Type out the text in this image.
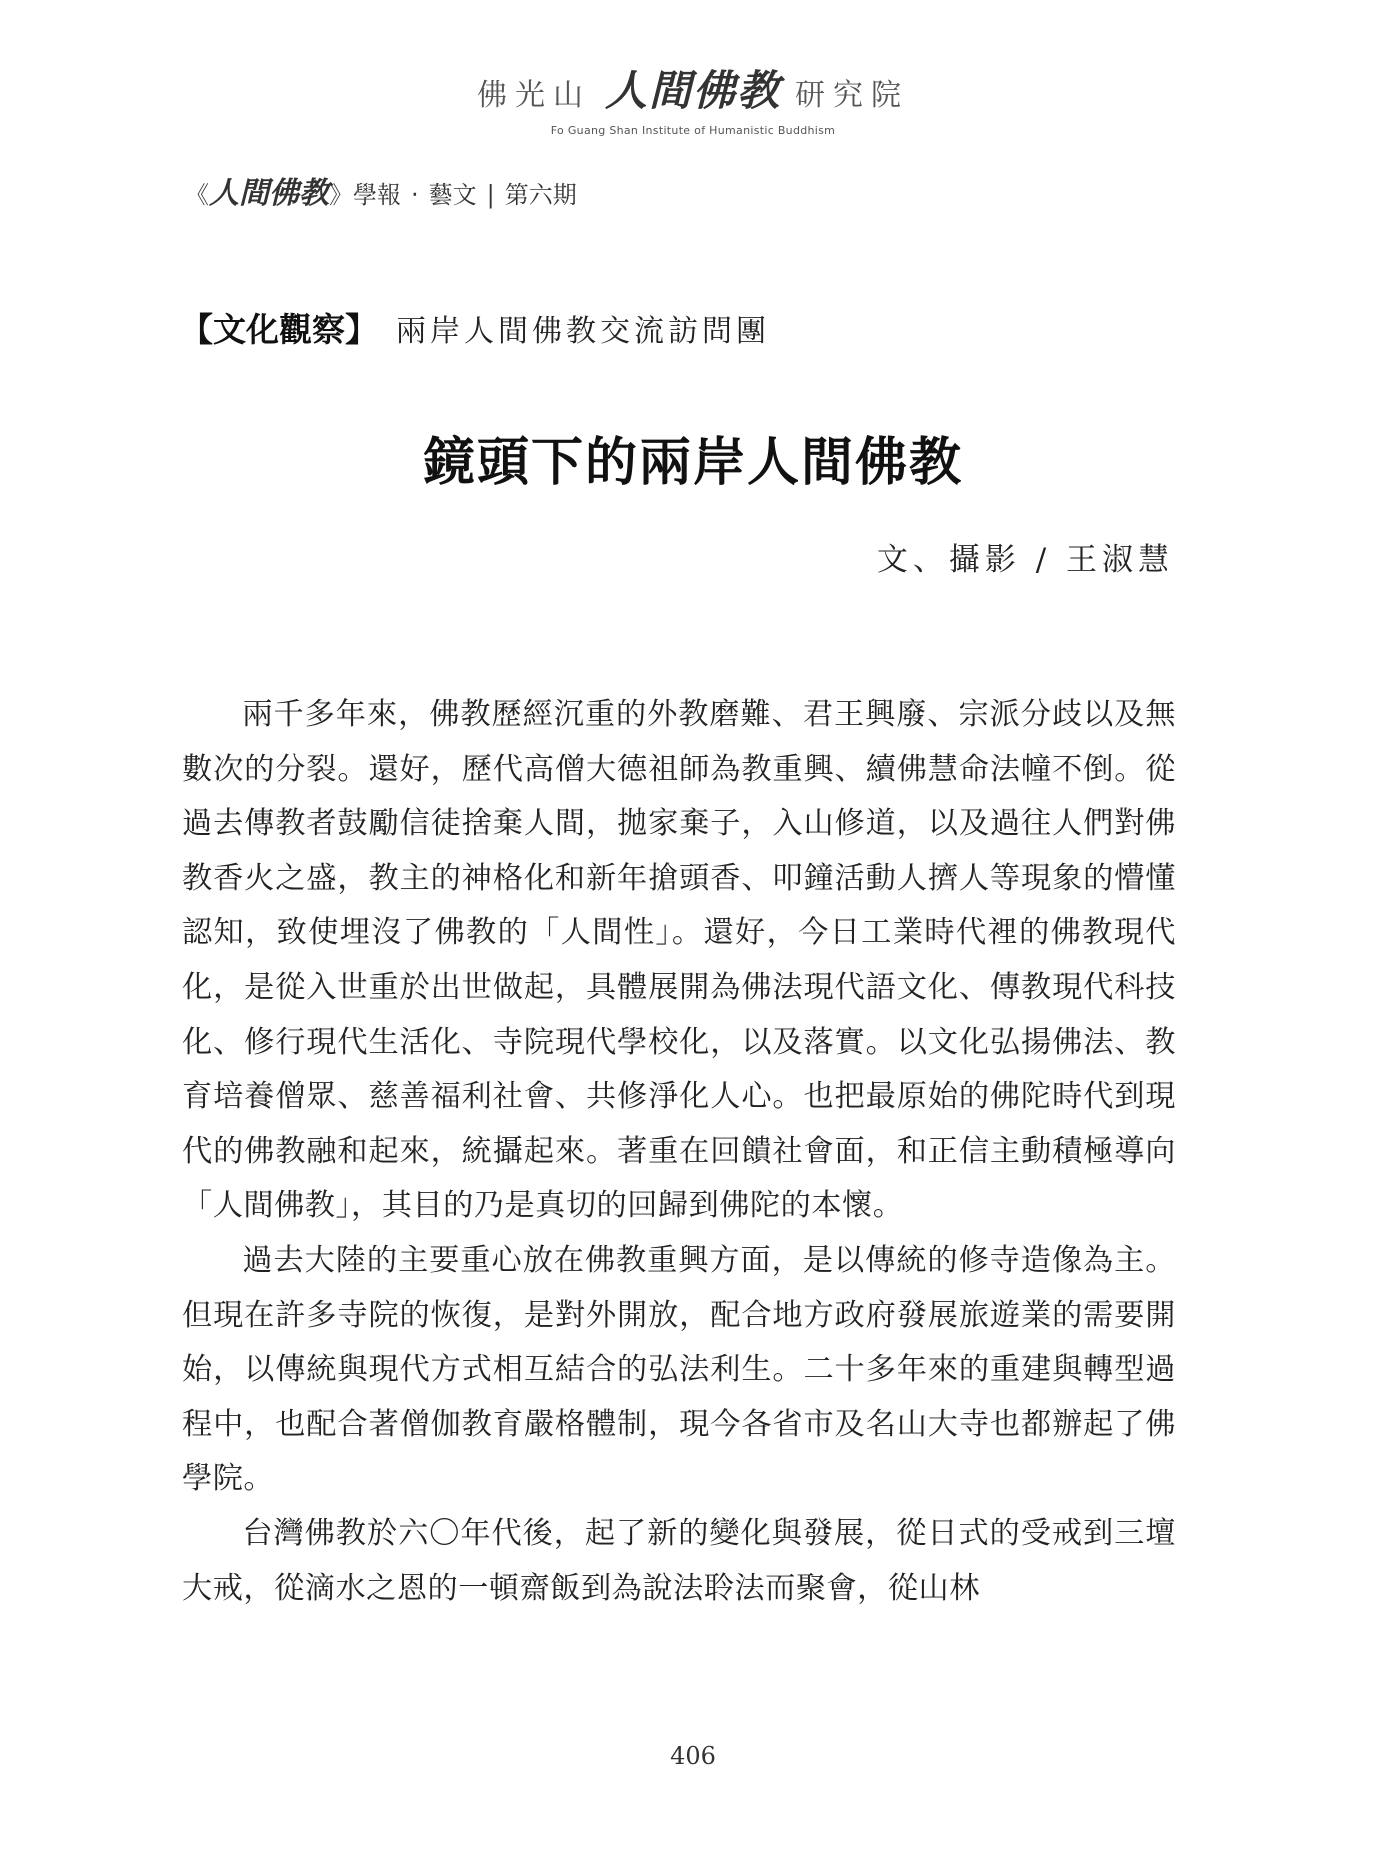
佛光山 人間佛教 研究院
Fo Guang Shan Institute of Humanistic Buddhism
《 人間佛教 》學報 ‧ 藝文 | 第六期
【文化觀察】 兩岸人間佛教交流訪問團
鏡頭下的兩岸人間佛教
文、攝影 / 王淑慧

兩千多年來，佛教歷經沉重的外教磨難、君王興廢、宗派分歧以及無數次的分裂。還好，歷代高僧大德祖師為教重興、續佛慧命法幢不倒。從過去傳教者鼓勵信徒捨棄人間，拋家棄子，入山修道，以及過往人們對佛教香火之盛，教主的神格化和新年搶頭香、叩鐘活動人擠人等現象的懵懂認知，致使埋沒了佛教的「人間性」。還好，今日工業時代裡的佛教現代化，是從入世重於出世做起，具體展開為佛法現代語文化、傳教現代科技化、修行現代生活化、寺院現代學校化，以及落實。以文化弘揚佛法、教育培養僧眾、慈善福利社會、共修淨化人心。也把最原始的佛陀時代到現代的佛教融和起來，統攝起來。著重在回饋社會面，和正信主動積極導向「人間佛教」，其目的乃是真切的回歸到佛陀的本懷。

過去大陸的主要重心放在佛教重興方面，是以傳統的修寺造像為主。但現在許多寺院的恢復，是對外開放，配合地方政府發展旅遊業的需要開始，以傳統與現代方式相互結合的弘法利生。二十多年來的重建與轉型過程中，也配合著僧伽教育嚴格體制，現今各省市及名山大寺也都辦起了佛學院。

台灣佛教於六〇年代後，起了新的變化與發展，從日式的受戒到三壇大戒，從滴水之恩的一頓齋飯到為說法聆法而聚會，從山林

406
